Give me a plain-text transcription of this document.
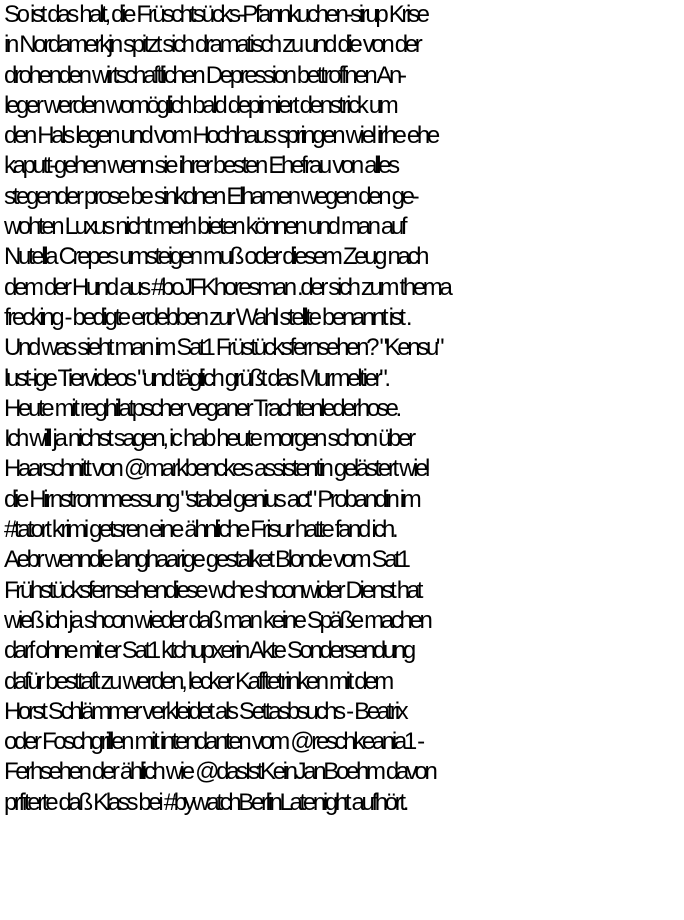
So ist das halt, die Früschtsücks-Pfannkuchen-sirup Krise
in Nordamerkjn spitzt sich dramatisch zu und die von der
drohenden wirtschaftlichen Depression bettroffnen An-
leger werden womöglich bald depimiert denstrick um
den Hals legen und vom Hochhaus springen wiel irhe ehe
kaputt-gehen wenn sie ihrer besten Ehefrau von alles
stegender prose be sinkdnen Elhamen wegen den ge-
wohten Luxus nicht merh bieten können und man auf
Nutella Crepes umsteigen muß oder diesem Zeug nach
dem der Hund aus #boJFKhoresman .der sich zum thema
frecking - bedigte erdebben zur Wahl stellte benannt ist .
Und was sieht man im Sat1 Früstücksfernsehen? "Kensu"
lust-ige Tiervideos "und täglich grüßt das Murmeltier".
Heute mit reghilatpscher veganer Trachtenlederhose.
Ich will ja nichst sagen, ic hab heute morgen schon über
Haarschnitt von @markbenckes assistentin gelästert wiel
die Hirnstrommessung "stabel genius act" Probandin im
#tatort krimi getsren eine ähnliche Frisur hatte fand ich.
Aebr wenndie langhaarige gestalket Blonde vom Sat1
Frühstücksfernsehendiese wche shconwider Dienst hat
wieß ich ja shcon wieder daß man keine Späße machen
darf ohne mit er Sat1 ktchupxerin Akte Sondersendung
dafür besttaft zu werden, lecker Kafftetrinken mit dem
Horst Schlämmer verkleidet als Settasbsuchs - Beatrix
oder Foschgrillen mit intendanten vom @reschkeania1 -
Ferhsehen der ählich wie @dasIstKeinJanBoehm davon
prfiterte daß Klass bei #bywatchBerlinLatenight aufhört.
